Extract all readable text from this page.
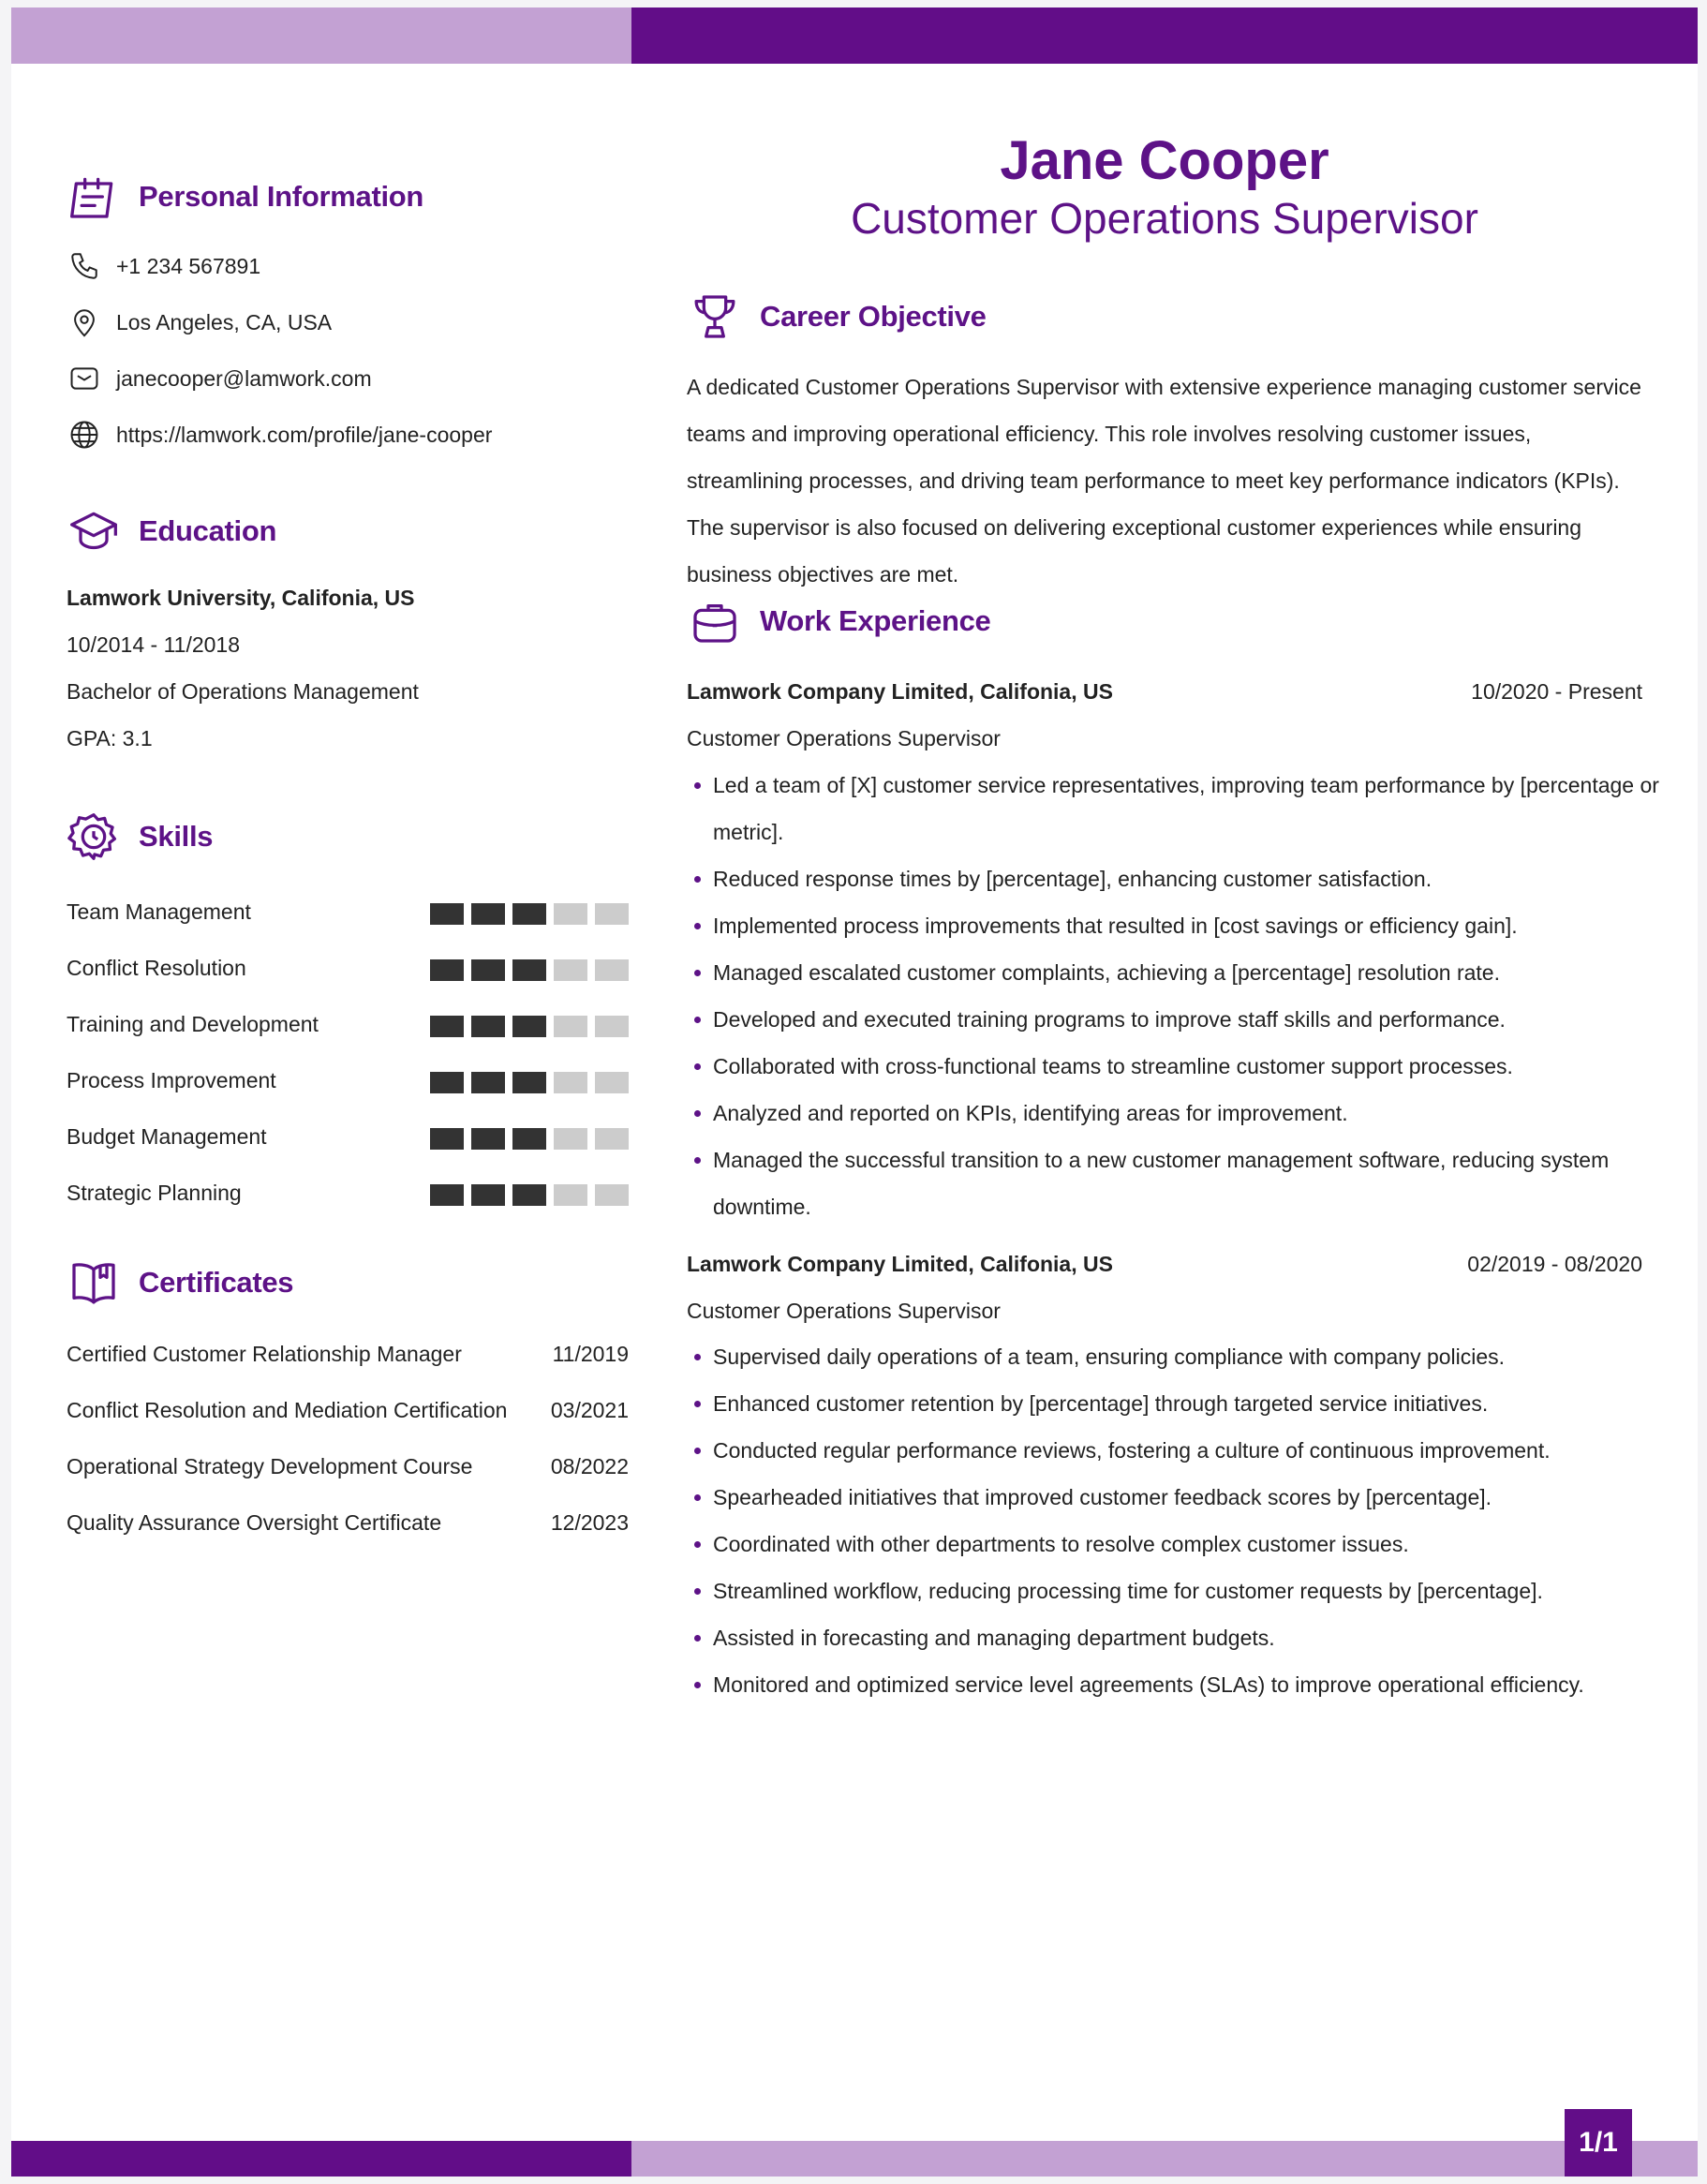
Personal Information
+1 234 567891
Los Angeles, CA, USA
janecooper@lamwork.com
https://lamwork.com/profile/jane-cooper
Education
Lamwork University, Califonia, US
10/2014 - 11/2018
Bachelor of Operations Management
GPA: 3.1
Skills
Team Management
Conflict Resolution
Training and Development
Process Improvement
Budget Management
Strategic Planning
Certificates
Certified Customer Relationship Manager	11/2019
Conflict Resolution and Mediation Certification 03/2021
Operational Strategy Development Course	08/2022
Quality Assurance Oversight Certificate	12/2023
Jane Cooper
Customer Operations Supervisor
Career Objective
A dedicated Customer Operations Supervisor with extensive experience managing customer service teams and improving operational efficiency. This role involves resolving customer issues, streamlining processes, and driving team performance to meet key performance indicators (KPIs). The supervisor is also focused on delivering exceptional customer experiences while ensuring business objectives are met.
Work Experience
Lamwork Company Limited, Califonia, US	10/2020 - Present
Customer Operations Supervisor
Led a team of [X] customer service representatives, improving team performance by [percentage or metric].
Reduced response times by [percentage], enhancing customer satisfaction.
Implemented process improvements that resulted in [cost savings or efficiency gain].
Managed escalated customer complaints, achieving a [percentage] resolution rate.
Developed and executed training programs to improve staff skills and performance.
Collaborated with cross-functional teams to streamline customer support processes.
Analyzed and reported on KPIs, identifying areas for improvement.
Managed the successful transition to a new customer management software, reducing system downtime.
Lamwork Company Limited, Califonia, US	02/2019 - 08/2020
Customer Operations Supervisor
Supervised daily operations of a team, ensuring compliance with company policies.
Enhanced customer retention by [percentage] through targeted service initiatives.
Conducted regular performance reviews, fostering a culture of continuous improvement.
Spearheaded initiatives that improved customer feedback scores by [percentage].
Coordinated with other departments to resolve complex customer issues.
Streamlined workflow, reducing processing time for customer requests by [percentage].
Assisted in forecasting and managing department budgets.
Monitored and optimized service level agreements (SLAs) to improve operational efficiency.
1/1
